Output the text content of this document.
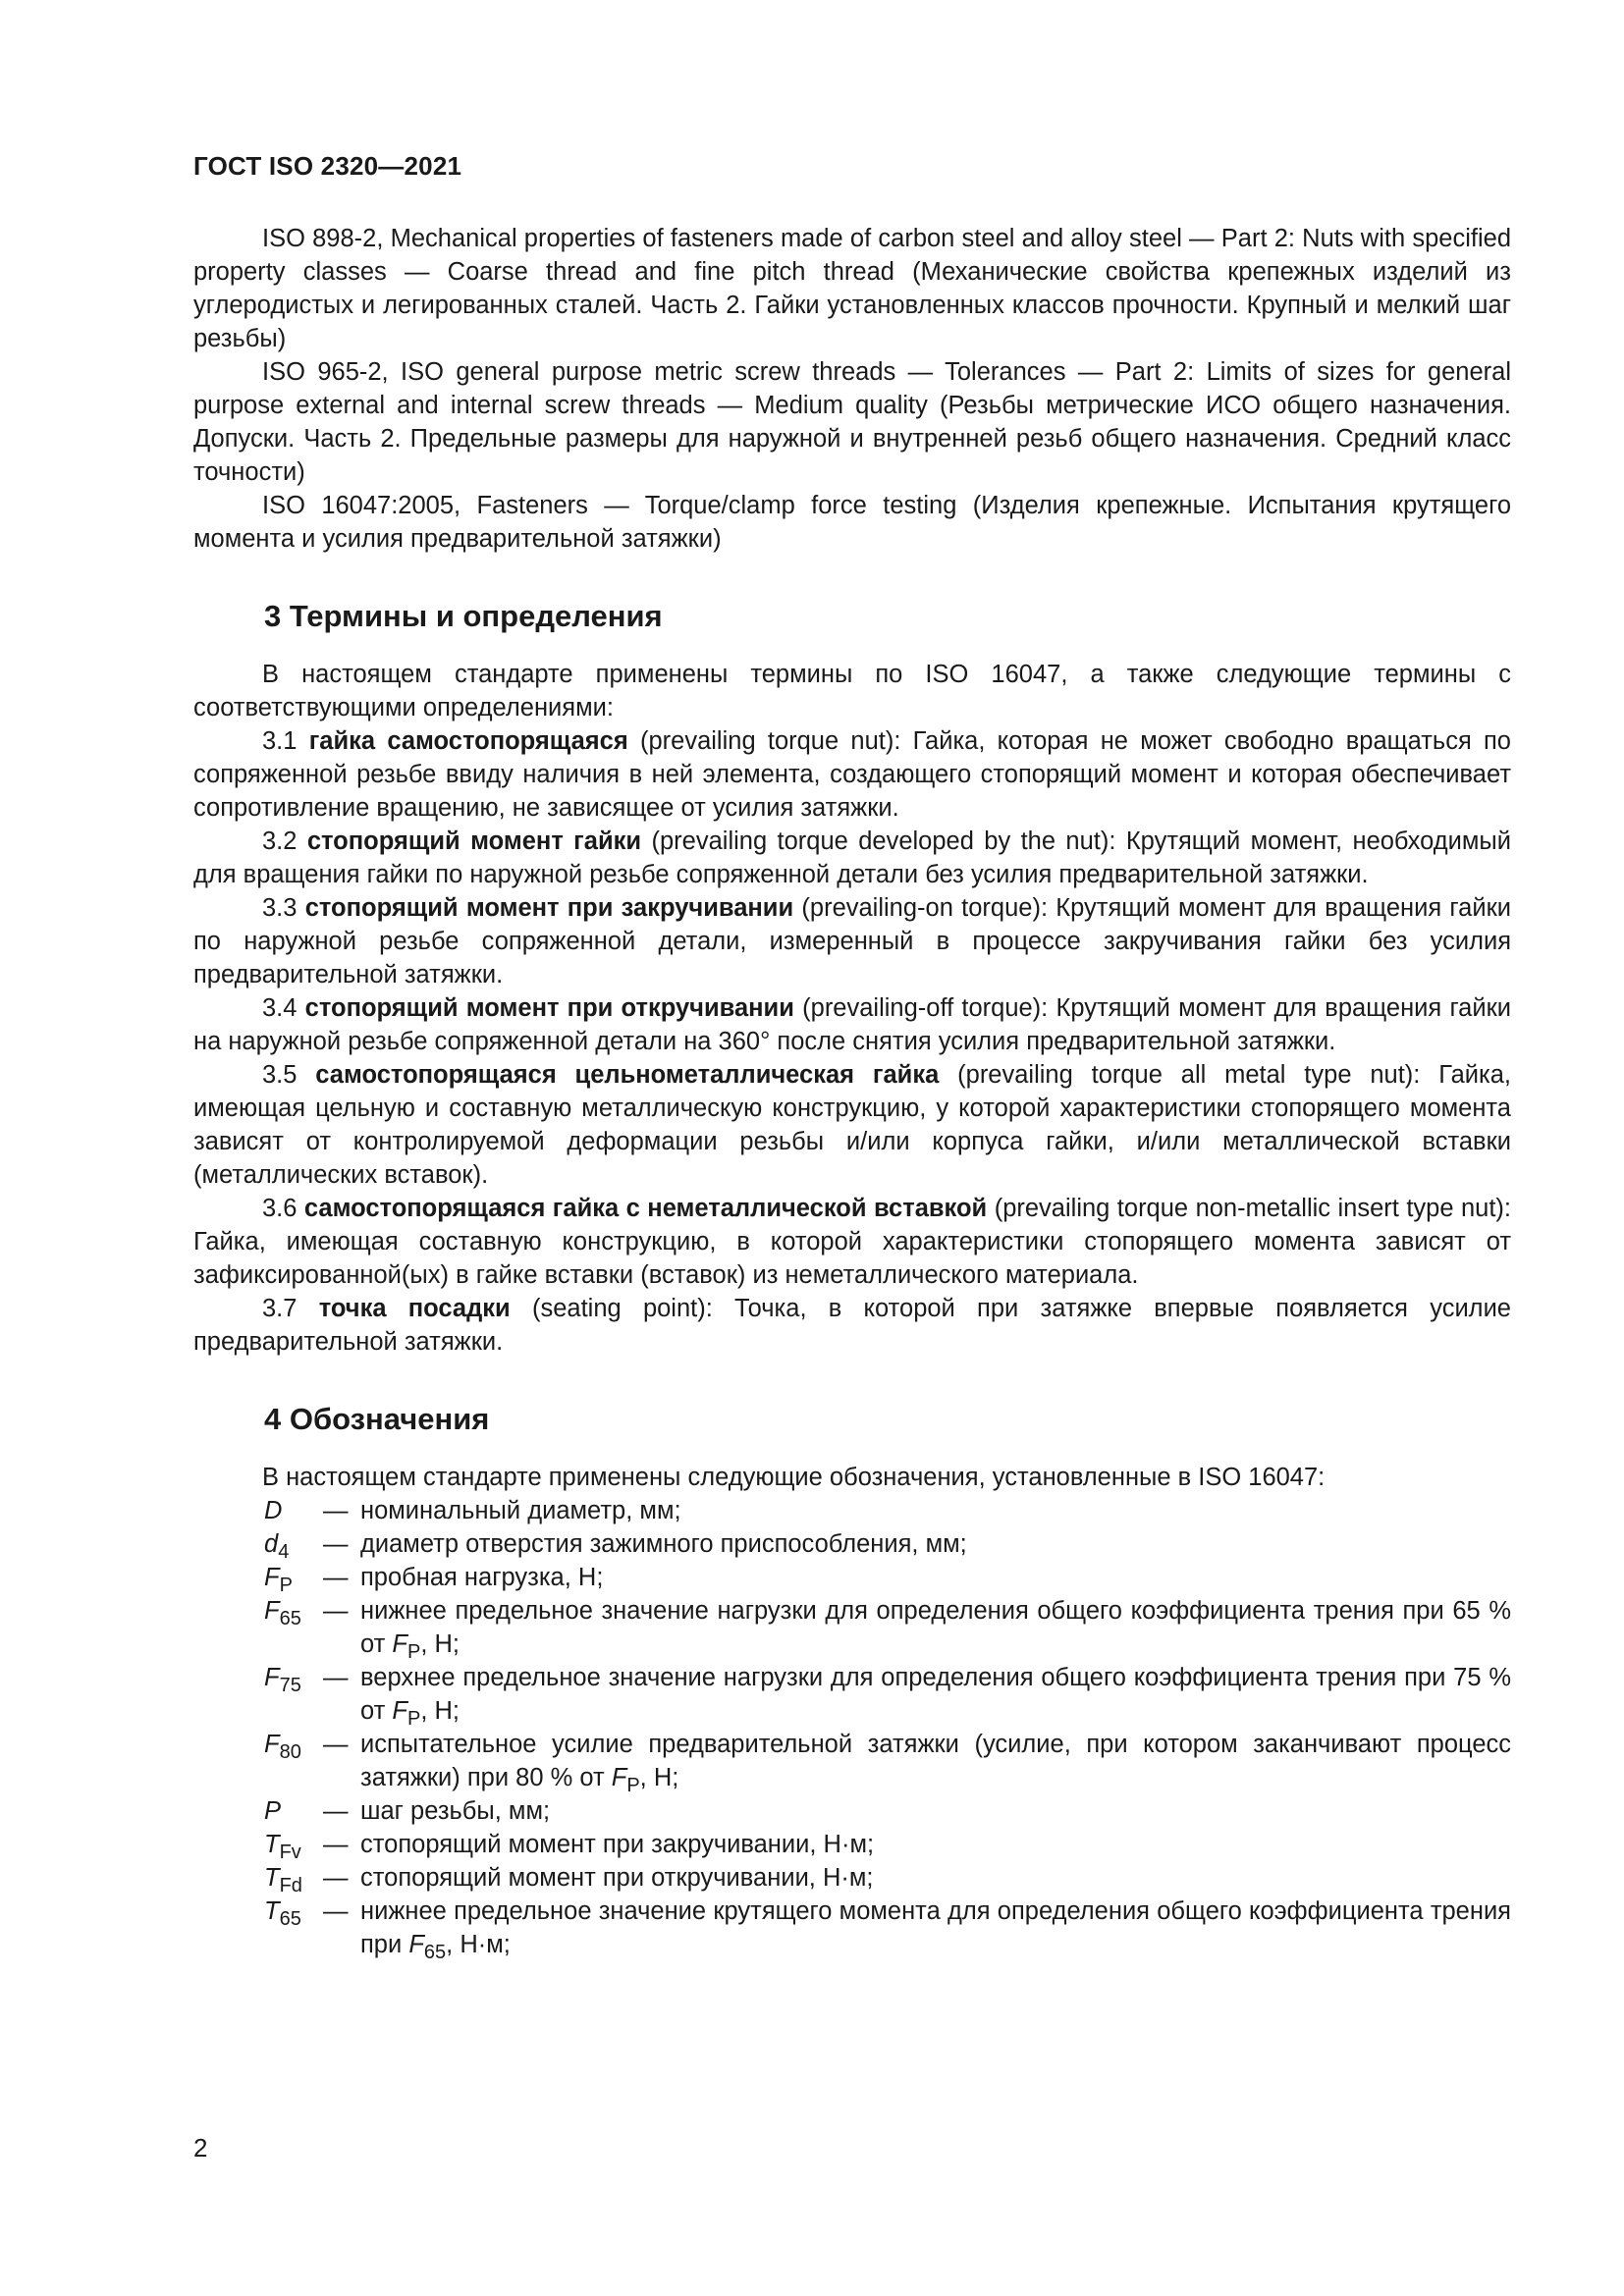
ГОСТ ISO 2320—2021

ISO 898-2, Mechanical properties of fasteners made of carbon steel and alloy steel — Part 2: Nuts with specified property classes — Coarse thread and fine pitch thread (Механические свойства крепежных изделий из углеродистых и легированных сталей. Часть 2. Гайки установленных классов прочности. Крупный и мелкий шаг резьбы)

ISO 965-2, ISO general purpose metric screw threads — Tolerances — Part 2: Limits of sizes for general purpose external and internal screw threads — Medium quality (Резьбы метрические ИСО общего назначения. Допуски. Часть 2. Предельные размеры для наружной и внутренней резьб общего назначения. Средний класс точности)

ISO 16047:2005, Fasteners — Torque/clamp force testing (Изделия крепежные. Испытания крутящего момента и усилия предварительной затяжки)

3 Термины и определения

В настоящем стандарте применены термины по ISO 16047, а также следующие термины с соответствующими определениями:

3.1 гайка самостопорящаяся (prevailing torque nut): Гайка, которая не может свободно вращаться по сопряженной резьбе ввиду наличия в ней элемента, создающего стопорящий момент и которая обеспечивает сопротивление вращению, не зависящее от усилия затяжки.

3.2 стопорящий момент гайки (prevailing torque developed by the nut): Крутящий момент, необходимый для вращения гайки по наружной резьбе сопряженной детали без усилия предварительной затяжки.

3.3 стопорящий момент при закручивании (prevailing-on torque): Крутящий момент для вращения гайки по наружной резьбе сопряженной детали, измеренный в процессе закручивания гайки без усилия предварительной затяжки.

3.4 стопорящий момент при откручивании (prevailing-off torque): Крутящий момент для вращения гайки на наружной резьбе сопряженной детали на 360° после снятия усилия предварительной затяжки.

3.5 самостопорящаяся цельнометаллическая гайка (prevailing torque all metal type nut): Гайка, имеющая цельную и составную металлическую конструкцию, у которой характеристики стопорящего момента зависят от контролируемой деформации резьбы и/или корпуса гайки, и/или металлической вставки (металлических вставок).

3.6 самостопорящаяся гайка с неметаллической вставкой (prevailing torque non-metallic insert type nut): Гайка, имеющая составную конструкцию, в которой характеристики стопорящего момента зависят от зафиксированной(ых) в гайке вставки (вставок) из неметаллического материала.

3.7 точка посадки (seating point): Точка, в которой при затяжке впервые появляется усилие предварительной затяжки.

4 Обозначения

В настоящем стандарте применены следующие обозначения, установленные в ISO 16047:

D	— номинальный диаметр, мм;
$d_4$	— диаметр отверстия зажимного приспособления, мм;
$F_P$	— пробная нагрузка, Н;
$F_{65}$ — нижнее предельное значение нагрузки для определения общего коэффициента трения при 65 % от $F_P$, Н;
$F_{75}$ — верхнее предельное значение нагрузки для определения общего коэффициента трения при 75 % от $F_P$, Н;
$F_{80}$ — испытательное усилие предварительной затяжки (усилие, при котором заканчивают процесс затяжки) при 80 % от $F_P$, Н;
P	— шаг резьбы, мм;
$T_{Fv}$ — стопорящий момент при закручивании, Н·м;
$T_{Fd}$ — стопорящий момент при откручивании, Н·м;
$T_{65}$ — нижнее предельное значение крутящего момента для определения общего коэффициента трения при $F_{65}$, Н·м;
2
